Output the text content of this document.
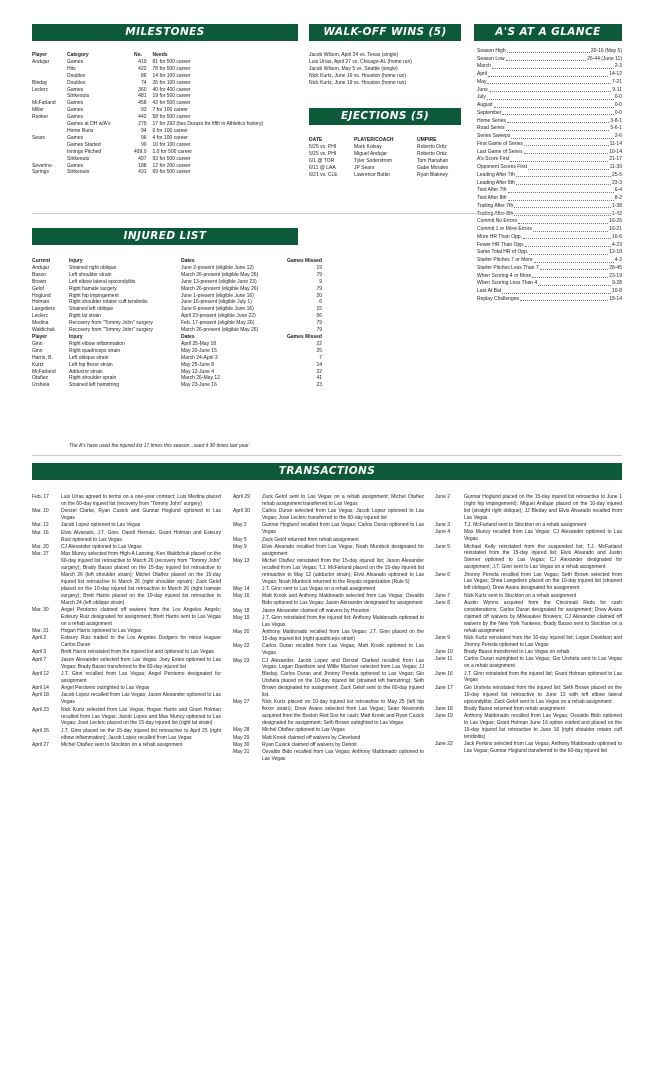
MILESTONES
Player	Category	No.	Needs
Andujar	Games	419	81 for 500 career
	Hits	422	78 for 500 career
	Doubles	86	14 for 100 career
Bleday	Doubles	74	26 for 100 career
Leclerc	Games	360	40 for 400 career
	Strikeouts	481	19 for 500 career
McFarland	Games	458	42 for 500 career
Miller	Games	93	7 for 100 career
Rooker	Games	442	58 for 500 career
	Games at DH w/A's	275	17 for 292 (ties Durazo for fifth in Athletics history)
	Home Runs	94	6 for 100 career
Sears	Games	96	4 for 100 career
	Games Started	90	10 for 100 career
	Innings Pitched	499.0	1.0 for 500 career
	Strikeouts	407	93 for 500 career
Severino	Games	188	12 for 200 career
Springs	Strikeouts	431	69 for 500 career
WALK-OFF WINS (5)
Jacob Wilson, April 24 vs. Texas (single)
Luis Urías, April 27 vs. Chicago-AL (home run)
Jacob Wilson, May 5 vs. Seattle (single)
Nick Kurtz, June 16 vs. Houston (home run)
Nick Kurtz, June 19 vs. Houston (home run)
EJECTIONS (5)
DATE	PLAYER/COACH	UMPIRE
5/25 vs. PHI	Mark Kotsay	Roberto Ortiz
5/25 vs. PHI	Miguel Andujar	Roberto Ortiz
6/1 @ TOR	Tyler Soderstrom	Tom Hanahan
6/11 @ LAA	JP Sears	Gabe Morales
6/21 vs. CLE	Lawrence Butler	Ryan Blakney
A'S AT A GLANCE
Season High	20-16 (May 5)
Season Low	26-44 (June 11)
March	2-3
April	14-12
May	7-21
June	9-11
July	0-0
August	0-0
September	0-0
Home Series	3-8-1
Road Series	5-6-1
Series Sweeps	2-6
First Game of Series	11-14
Last Game of Series	10-14
A's Score First	21-17
Opponent Scores First	11-30
Leading After 7th	25-5
Leading After 8th	23-3
Tied After 7th	6-4
Tied After 8th	8-2
Trailing After 7th	1-38
Trailing After 8th	1-42
Commit No Errors	16-26
Commit 1 or More Errors	16-21
More HR Than Opp.	16-6
Fewer HR Than Opp.	4-23
Same Total HR of Opp.	12-18
Starter Pitches 7 or More	4-2
Starter Pitches Less Than 7	28-45
When Scoring 4 or More	23-19
When Scoring Less Than 4	9-28
Last At Bat	10-8
Replay Challenges	18-14
INJURED LIST
Current	Injury	Dates	Games Missed
Andujar	Strained right oblique	June 2-present (eligible June 12)	19
Basso	Left shoulder strain	March 26-present (eligible May 26)	79
Brown	Left elbow lateral epicondylitis	June 13-present (eligible June 23)	9
Gelof	Right hamate surgery	March 26-present (eligible May 26)	79
Hoglund	Right hip impingement	June 1-present (eligible June 16)	20
Holman	Right shoulder rotator cuff tendinitis	June 16-present (eligible July 1)	6
Langeliers	Strained left oblique	June 6-present (eligible June 16)	15
Leclerc	Right lat strain	April 23-present (eligible June 22)	56
Medina	Recovery from "Tommy John" surgery	Feb. 17-present (eligible May 26)	79
Waldichuk	Recovery from "Tommy John" surgery	March 26-present (eligible May 26)	79
Player	Injury	Dates	Games Missed
Ginn	Right elbow inflammation	April 25-May 18	22
Ginn	Right quadriceps strain	May 20-June 15	25
Harris, B.	Left oblique strain	March 24-April 3	7
Kurtz	Left hip flexor strain	May 25-June 8	14
McFarland	Adductor strain	May 12-June 4	22
Otañez	Right shoulder sprain	March 26-May 12	41
Urshela	Strained left hamstring	May 23-June 16	23
The A's have used the injured list 17 times this season...used it 30 times last year
TRANSACTIONS
Feb. 17	Luis Urías agreed to terms on a one-year contract; Luis Medina placed on the 60-day injured list (recovery from "Tommy John" surgery)
Mar. 10	Denzel Clarke, Ryan Cusick and Gunnar Hoglund optioned to Las Vegas
Mar. 12	Jacob Lopez optioned to Las Vegas
Mar. 16	Elvis Alvarado, J.T. Ginn, Darell Hernaiz, Grant Holman and Esteury Ruiz optioned to Las Vegas
Mar. 20	CJ Alexander optioned to Las Vegas
Mar. 27	Max Muncy selected from High-A Lansing; Ken Waldichuk placed on the 60-day injured list retroactive to March 26 (recovery from "Tommy John" surgery); Brady Basso placed on the 15-day injured list retroactive to March 26 (left shoulder strain); Michel Otañez placed on the 15-day injured list retroactive to March 26 (right shoulder sprain); Zack Gelof placed on the 10-day injured list retroactive to March 26 (right hamate surgery); Brett Harris placed on the 10-day injured list retroactive to March 24 (left oblique strain)
Mar. 30	Angel Perdomo claimed off waivers from the Los Angeles Angels; Esteury Ruiz designated for assignment; Brett Harris sent to Las Vegas on a rehab assignment
Mar. 31	Hogan Harris optioned to Las Vegas
April 2	Esteury Ruiz traded to the Los Angeles Dodgers for minor leaguer Carlos Duran
April 3	Brett Harris reinstated from the injured list and optioned to Las Vegas
April 7	Jason Alexander selected from Las Vegas; Joey Estes optioned to Las Vegas; Brady Basso transferred to the 60-day injured list
April 12	J.T. Ginn recalled from Las Vegas; Angel Perdomo designated for assignment
April 14	Angel Perdomo outrighted to Las Vegas
April 18	Jacob Lopez recalled from Las Vegas; Jason Alexander optioned to Las Vegas
April 23	Nick Kurtz selected from Las Vegas; Hogan Harris and Grant Holman recalled from Las Vegas; Jacob Lopez and Max Muncy optioned to Las Vegas; José Leclerc placed on the 15-day injured list (right lat strain)
April 26	J.T. Ginn placed on the 15-day injured list retroactive to April 25 (right elbow inflammation); Jacob Lopez recalled from Las Vegas
April 27	Michel Otañez sent to Stockton on a rehab assignment
April 29	Zack Gelof sent to Las Vegas on a rehab assignment; Michel Otañez rehab assignment transferred to Las Vegas
April 30	Carlos Duran selected from Las Vegas; Jacob Lopez optioned to Las Vegas; Jose Leclerc transferred to the 60-day injured list
May 2	Gunnar Hoglund recalled from Las Vegas; Carlos Duran optioned to Las Vegas
May 5	Zack Gelof returned from rehab assignment
May 9	Elvis Alvarado recalled from Las Vegas; Noah Murdock designated for assignment
May 13	Michel Otañez reinstated from the 15-day injured list; Jason Alexander recalled from Las Vegas; T.J. McFarland placed on the 15-day injured list retroactive to May 12 (adductor strain); Elvis Alvarado optioned to Las Vegas; Noah Murdock returned to the Royals organization (Rule 5)
May 14	J.T. Ginn sent to Las Vegas on a rehab assignment
May 16	Matt Krook and Anthony Maldonado selected from Las Vegas; Osvaldo Bido optioned to Las Vegas; Jason Alexander designated for assignment
May 18	Jason Alexander claimed off waivers by Houston
May 19	J.T. Ginn reinstated from the injured list; Anthony Maldonado optioned to Las Vegas
May 20	Anthony Maldonado recalled from Las Vegas; J.T. Ginn placed on the 15-day injured list (right quadriceps strain)
May 22	Carlos Duran recalled from Las Vegas; Matt Krook optioned to Las Vegas
May 23	CJ Alexander, Jacob Lopez and Denzel Clarked recalled from Las Vegas; Logan Davidson and Willie MacIver selected from Las Vegas; JJ Bleday, Carlos Duran and Jhonny Pereda optioned to Las Vegas; Gio Urshela placed on the 10-day injured list (strained left hamstring); Seth Brown designated for assignment; Zack Gelof sent to the 60-day injured list.
May 27	Nick Kurtz placed on 10-day injured list retroactive to May 25 (left hip flexor strain); Drew Avans selected from Las Vegas; Sean Newcomb acquired from the Boston Red Sox for cash; Matt Krook and Ryan Cusick designated for assignment; Seth Brown outrighted to Las Vegas
May 28	Michel Otañez optioned to Las Vegas
May 29	Matt Krook claimed off waivers by Cleveland
May 30	Ryan Cusick claimed off waivers by Detroit
May 31	Osvaldo Bido recalled from Las Vegas; Anthony Maldonado optioned to Las Vegas
June 2	Gunnar Hoglund placed on the 15-day injured list retroactive to June 1 (right hip impingement); Miguel Andujar placed on the 10-day injured list (straight right oblique); JJ Bleday and Elvis Alvarado recalled from Las Vegas
June 3	T.J. McFarland sent to Stockton on a rehab assignment
June 4	Max Muncy recalled from Las Vegas; CJ Alexander optioned to Las Vegas
June 5	Michael Kelly reinstated from the suspended list; T.J. McFarland reinstated from the 15-day injured list; Elvis Alvarado and Justin Sterner optioned to Las Vegas; CJ Alexander designated for assignment; J.T. Ginn sent to Las Vegas on a rehab assignment
June 6	Jhonny Pereda recalled from Las Vegas; Seth Brown selected from Las Vegas; Shea Langeliers placed on the 10-day injured list (strained left oblique); Drew Avans designated for assignment
June 7	Nick Kurtz sent to Stockton on a rehab assignment
June 8	Austin Wynns acquired from the Cincinnati Reds for cash considerations; Carlos Duran designated for assignment; Drew Avans claimed off waivers by Milwaukee Brewers; CJ Alexander claimed off waivers by the New York Yankees; Brady Basso sent to Stockton on a rehab assignment
June 9	Nick Kurtz reinstated from the 10-day injured list; Logan Davidson and Jhonny Pereda optioned to Las Vegas
June 10	Brady Basso transferred to Las Vegas on rehab
June 11	Carlos Duran outrighted to Las Vegas; Gio Urshela sent to Las Vegas on a rehab assignment
June 16	J.T. Ginn reinstated from the injured list; Grant Holman optioned to Las Vegas
June 17	Gio Urshela reinstated from the injured list; Seth Brown placed on the 10-day injured list retroactive to June 13 with left elbow lateral epicondylitis; Zack Gelof sent to Las Vegas on a rehab assignment
June 18	Brady Basso returned from rehab assignment
June 19	Anthony Maldonado recalled from Las Vegas; Osvaldo Bido optioned to Las Vegas; Grant Holman June 16 option voided and placed on the 15-day injured list retroactive to June 16 (right shoulder rotator cuff tendinitis)
June 22	Jack Perkins selected from Las Vegas; Anthony Maldonado optioned to Las Vegas; Gunnar Hoglund transferred to the 60-day injured list
